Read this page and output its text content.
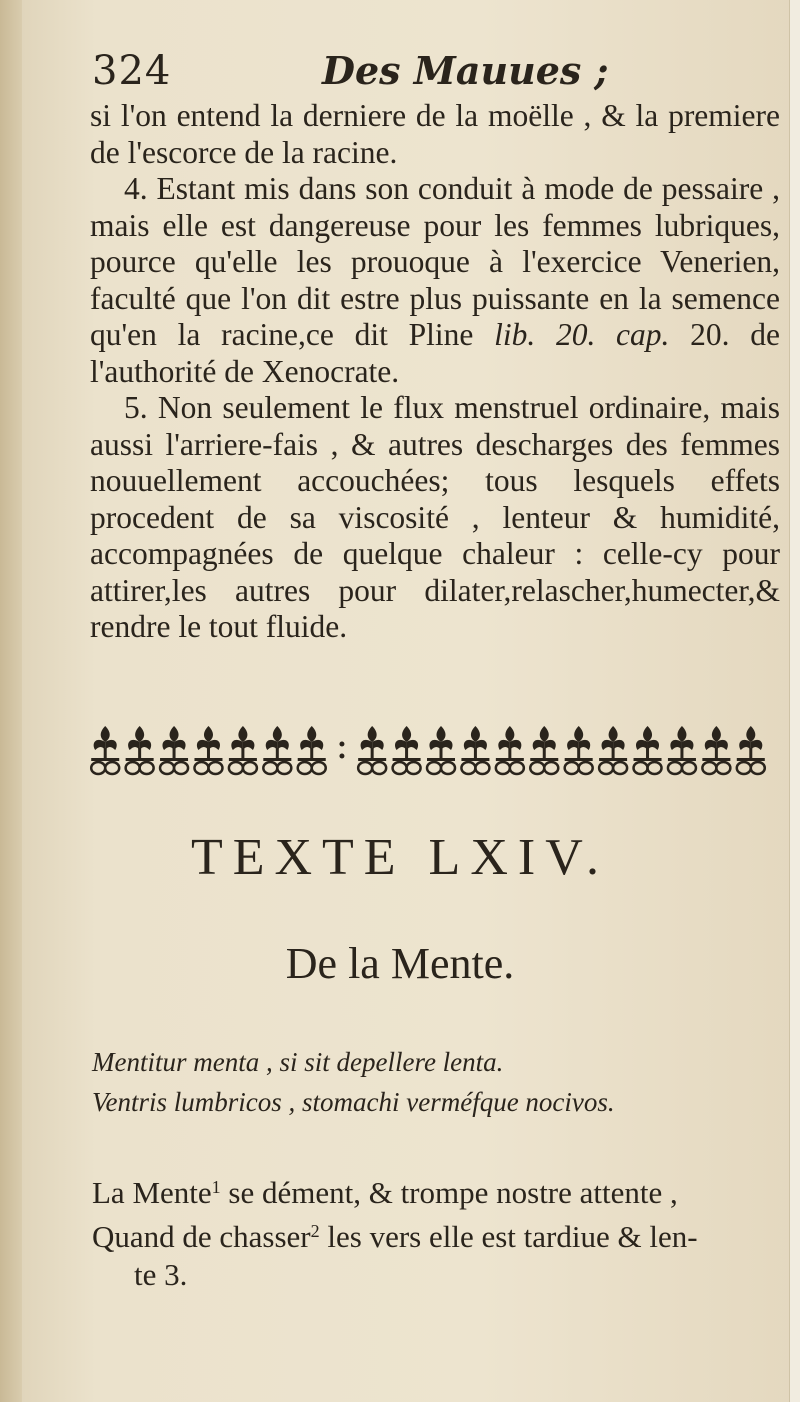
324	Des Mauues ;

si l'on entend la derniere de la moëlle , & la premiere de l'escorce de la racine.

4. Estant mis dans son conduit à mode de pessaire , mais elle est dangereuse pour les femmes lubriques, pource qu'elle les prouoque à l'exercice Venerien, faculté que l'on dit estre plus puissante en la semence qu'en la racine,ce dit Pline lib. 20. cap. 20. de l'authorité de Xenocrate.

5. Non seulement le flux menstruel ordinaire, mais aussi l'arriere-fais , & autres descharges des femmes nouuellement accouchées; tous lesquels effets procedent de sa viscosité , lenteur & humidité, accompagnées de quelque chaleur : celle-cy pour attirer,les autres pour dilater,relascher,humecter,& rendre le tout fluide.

TEXTE LXIV.
De la Mente.
Mentitur menta , si sit depellere lenta.
Ventris lumbricos , stomachi verméfque nocivos.
La Mente$^1$ se dément, & trompe nostre attente ,
Quand de chasser$^2$ les vers elle est tardiue & len-
te 3.
